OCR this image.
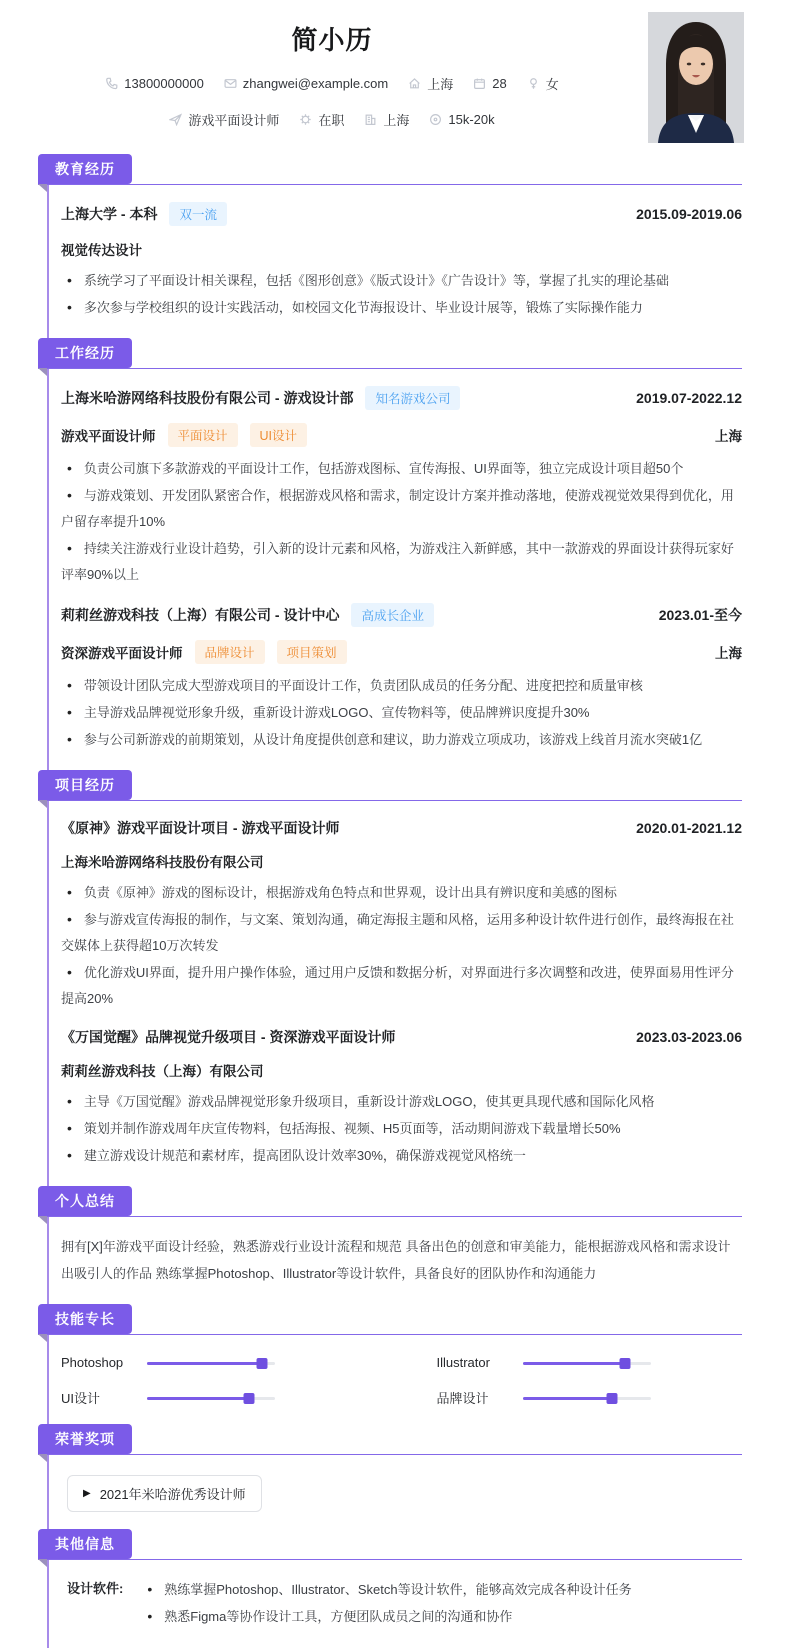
简小历
13800000000	zhangwei@example.com	上海	28	女
游戏平面设计师	在职	上海	15k-20k
教育经历
上海大学 - 本科	双一流	2015.09-2019.06
视觉传达设计
• 系统学习了平面设计相关课程，包括《图形创意》《版式设计》《广告设计》等，掌握了扎实的理论基础
• 多次参与学校组织的设计实践活动，如校园文化节海报设计、毕业设计展等，锻炼了实际操作能力
工作经历
上海米哈游网络科技股份有限公司 - 游戏设计部	知名游戏公司	2019.07-2022.12
游戏平面设计师	平面设计	UI设计	上海
• 负责公司旗下多款游戏的平面设计工作，包括游戏图标、宣传海报、UI界面等，独立完成设计项目超50个
• 与游戏策划、开发团队紧密合作，根据游戏风格和需求，制定设计方案并推动落地，使游戏视觉效果得到优化，用户留存率提升10%
• 持续关注游戏行业设计趋势，引入新的设计元素和风格，为游戏注入新鲜感，其中一款游戏的界面设计获得玩家好评率90%以上
莉莉丝游戏科技（上海）有限公司 - 设计中心	高成长企业	2023.01-至今
资深游戏平面设计师	品牌设计	项目策划	上海
• 带领设计团队完成大型游戏项目的平面设计工作，负责团队成员的任务分配、进度把控和质量审核
• 主导游戏品牌视觉形象升级，重新设计游戏LOGO、宣传物料等，使品牌辨识度提升30%
• 参与公司新游戏的前期策划，从设计角度提供创意和建议，助力游戏立项成功，该游戏上线首月流水突破1亿
项目经历
《原神》游戏平面设计项目 - 游戏平面设计师	2020.01-2021.12
上海米哈游网络科技股份有限公司
• 负责《原神》游戏的图标设计，根据游戏角色特点和世界观，设计出具有辨识度和美感的图标
• 参与游戏宣传海报的制作，与文案、策划沟通，确定海报主题和风格，运用多种设计软件进行创作，最终海报在社交媒体上获得超10万次转发
• 优化游戏UI界面，提升用户操作体验，通过用户反馈和数据分析，对界面进行多次调整和改进，使界面易用性评分提高20%
《万国觉醒》品牌视觉升级项目 - 资深游戏平面设计师	2023.03-2023.06
莉莉丝游戏科技（上海）有限公司
• 主导《万国觉醒》游戏品牌视觉形象升级项目，重新设计游戏LOGO，使其更具现代感和国际化风格
• 策划并制作游戏周年庆宣传物料，包括海报、视频、H5页面等，活动期间游戏下载量增长50%
• 建立游戏设计规范和素材库，提高团队设计效率30%，确保游戏视觉风格统一
个人总结

拥有[X]年游戏平面设计经验，熟悉游戏行业设计流程和规范 具备出色的创意和审美能力，能根据游戏风格和需求设计出吸引人的作品 熟练掌握Photoshop、Illustrator等设计软件，具备良好的团队协作和沟通能力

技能专长
Photoshop	Illustrator
UI设计	品牌设计
荣誉奖项
▶ 2021年米哈游优秀设计师
其他信息
设计软件:	• 熟练掌握Photoshop、Illustrator、Sketch等设计软件，能够高效完成各种设计任务
• 熟悉Figma等协作设计工具，方便团队成员之间的沟通和协作
